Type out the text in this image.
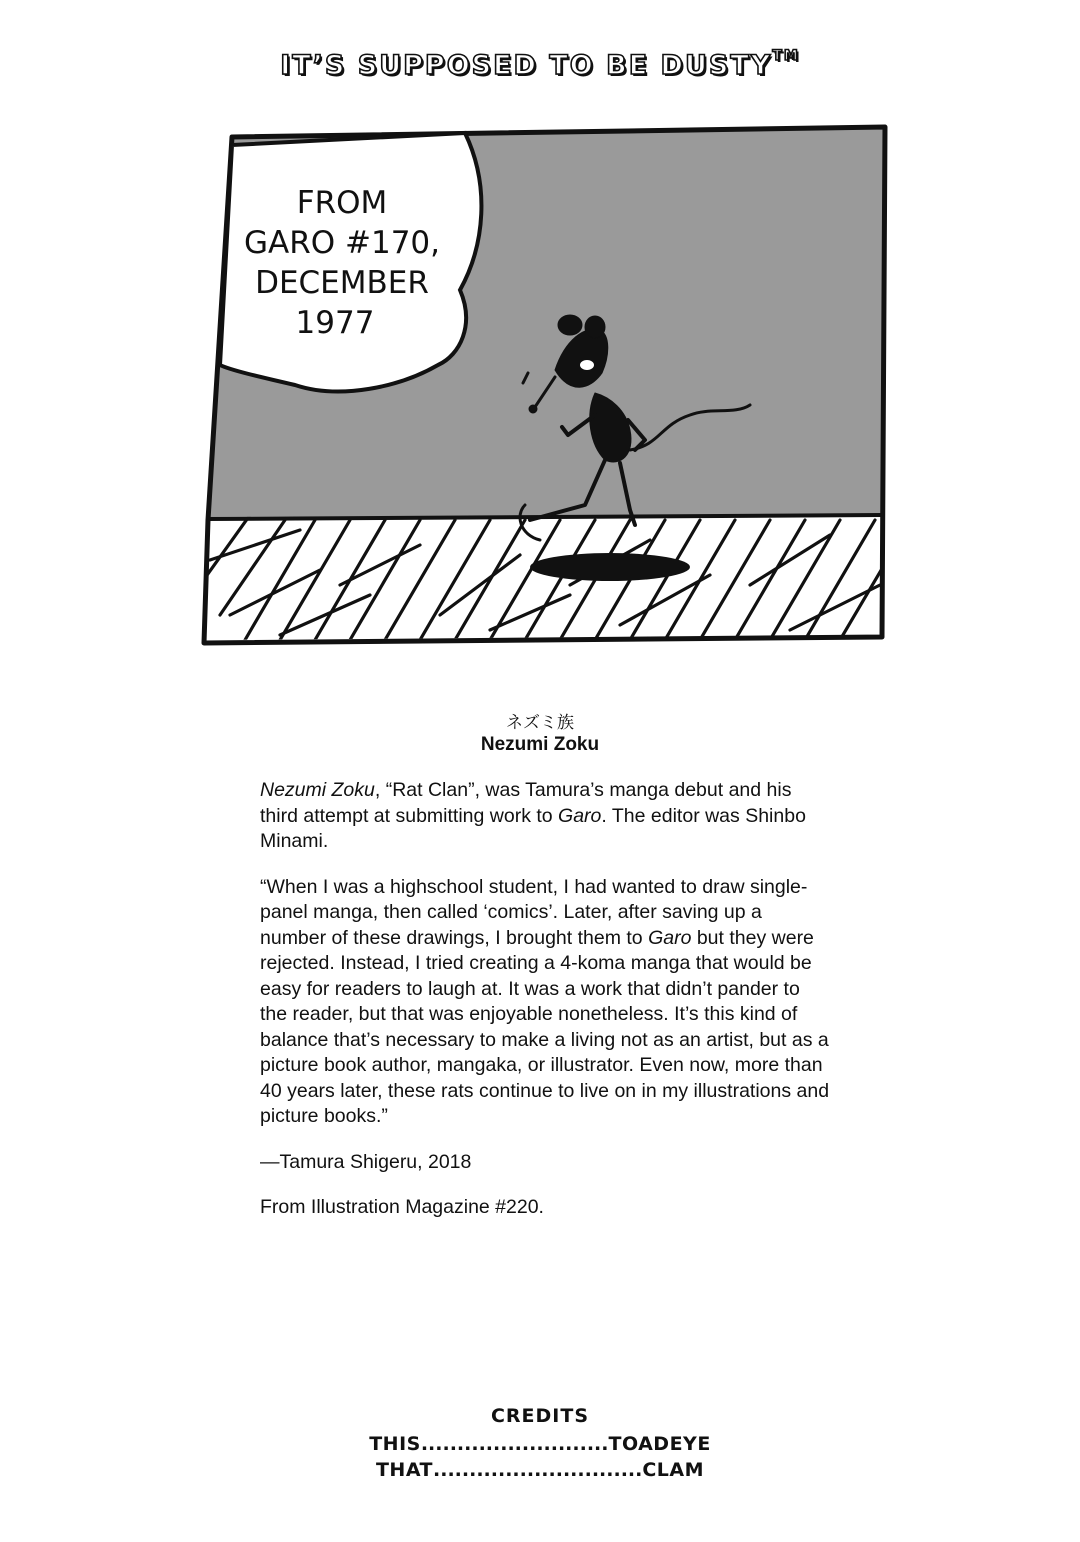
IT’S SUPPOSED TO BE DUSTY™
FROM
GARO #170,
DECEMBER
1977
ネズミ族
Nezumi Zoku

Nezumi Zoku, “Rat Clan”, was Tamura’s manga debut and his third attempt at submitting work to Garo. The editor was Shinbo Minami.

“When I was a highschool student, I had wanted to draw single-panel manga, then called ‘comics’. Later, after saving up a number of these drawings, I brought them to Garo but they were rejected. Instead, I tried creating a 4-koma manga that would be easy for readers to laugh at. It was a work that didn’t pander to the reader, but that was enjoyable nonetheless. It’s this kind of balance that’s necessary to make a living not as an artist, but as a picture book author, mangaka, or illustrator. Even now, more than 40 years later, these rats continue to live on in my illustrations and picture books.”

—Tamura Shigeru, 2018

From Illustration Magazine #220.

CREDITS
THIS .......................... TOADEYE
THAT ............................. CLAM
